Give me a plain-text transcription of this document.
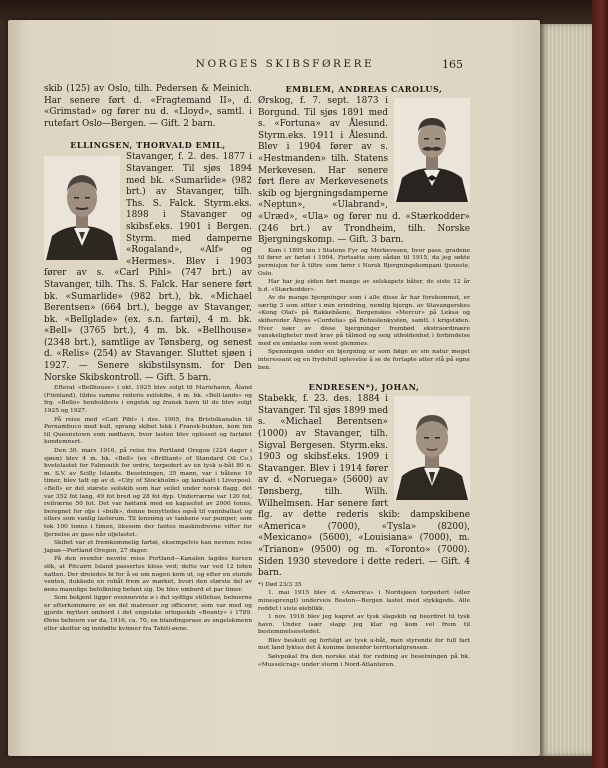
NORGES SKIBSFØRERE	165

skib (125) av Oslo, tilh. Pedersen & Meinich. Har senere ført d. «Fragtemand II», d. «Grimstad» og fører nu d. «Lloyd», samtl. i rutefart Oslo—Bergen. — Gift. 2 barn.

ELLINGSEN, THORVALD EMIL,

Stavanger, f. 2. des. 1877 i Stavanger. Til sjøs 1894 med bk. «Sumarlide» (982 brt.) av Stavanger, tilh. Ths. S. Falck. Styrm.eks. 1898 i Stavanger og skibsf.eks. 1901 i Bergen. Styrm. med damperne «Rogaland», «Alf» og «Hermes». Blev i 1903 fører av s. «Carl Pihl» (747 brt.) av Stavanger, tilh. Ths. S. Falck. Har senere ført bk. «Sumarlide» (982 brt.), bk. «Michael Berentsen» (664 brt.), begge av Stavanger, bk. «Bellglade» (ex. s.n. fartøi), 4 m. bk. «Bell» (3765 brt.), 4 m. bk. «Bellhouse» (2348 brt.), samtlige av Tønsberg, og senest d. «Relis» (254) av Stavanger. Sluttet sjøen i 1927. — Senere skibstilsynsm. for Den Norske Skibskontroll. — Gift. 5 barn.

Efterat «Bellhouse» i okt. 1925 blev solgt til Mariehamn, Åland (Finnland), tildes samme rederis seilskibe, 4 m. bk. «Bell-lands» og frg. «Bello» henholdsvis i engelsk og fransk havn til de blev solgt 1925 og 1927.

På reise med «Carl Pihl» i des. 1905, fra Bristolkanalen til Pernambuco med kull, sprang skibet lekk i Fransk-bukten, kom inn til Queenstown som nødhavn, hvor lasten blev oplosset og fartøiet kondemnert.

Den 30. mars 1916, på reise fra Portland Oregon (224 dager i sjøen) blev 4 m. bk. «Bell» (ex «Brilliant» of Standard Oil Co.) hvetelastet for Falmouth for ordre, torpedert av en tysk u-båt 80 n. m. S.V. av Scilly Islands. Besetningen, 35 mann, var i båtene 19 timer, blev tatt op av d. «City of Stockholm» og landsatt i Liverpool. «Bell» er det største seilskib som har seilet under norsk flagg, det var 352 fot lang, 49 fot bred og 28 fot dyp. Underrærne var 120 fot, reilrærne 50 fot. Det var høitank med en kapasitet av 2000 tonns, beregnet for olje i «bulk», denne benyttedes også til vannballast og ellers som vanlig lasterum. Til lensning av tankene var pumper, som tok 100 tonns i timen, likesom der fantes maskindrevne vifter for fjernelse av gass når oljelastet.

Skibet var et fremkommelig fartøi, eksempelvis kan nevnes reise Japan—Portland Oregon, 27 dager.

På den ovenfor nevnte reise Portland—Kanalen lagdes kursen slik, at Pitcairn Island passertes kloss ved; dette var ved 12 tiden natten. Der dreiedes bi for å se om nogen kom ut, og efter en stunds venten, dukkede en robåt frem av mørket, hvori den største del av øens mannlige befolkning befant sig. De blev ombord et par timer.

Som bekjent ligger ovennevnte ø i det sydlige stillehav, beboerne er efterkommere av en del matroser og officerer, som var med og gjorde mytteri ombord i det engelske orlogsskib «Bounty» i 1789. Øens beboere var da, 1916, ca. 70, en blandingsrase av engelskmenn eller skotter og innfødte kvinner fra Tahiti-øene.

EMBLEM, ANDREAS CAROLUS,

Ørskog, f. 7. sept. 1873 i Borgund. Til sjøs 1891 med s. «Fortuna» av Ålesund. Styrm.eks. 1911 i Ålesund. Blev i 1904 fører av s. «Hestmanden» tilh. Statens Merkevesen. Har senere ført flere av Merkevesenets skib og bjergningsdamperne «Neptun», «Ulabrand», «Uræd», «Ula» og fører nu d. «Stærkodder» (246 brt.) av Trondheim, tilh. Norske Bjergningskomp. — Gift. 3 barn.

Kom i 1895 inn i Statens Fyr og Merkevesen, hvor pass. gradene til fører av fartøi i 1904. Fortsatte som sådan til 1915, da jeg søkte permisjon for å tiltre som fører i Norsk Bjergningskompani tjeneste, Oslo.

Har har jeg siden ført mange av selskapets båter, de siste 12 år b.d. «Stærkodder».

Av de mange bjergninger som i alle disse år har forekommet, er særlig 3 som sitter i min erindring, nemlig bjergn. av Stavangerskes «Kong Olaf» på Rakkebåene, Bergenskes «Mercur» på Leksa og skibsreder Åbyes «Cordelia» på Bohuslenkysten, samtl. i krigstiden. Hver især av disse bjergninger frembød ekstraordinære vanskeligheter med krav på tålmod og seig utholdenhet i forbindelse med en omtanke som went glemmes.

Spenningen under en bjergning er som følge av sin natur meget interessant og en frydefull oplevelse å se de fortapte atter stå på egne ben.

ENDRESEN*), JOHAN,

Stabekk, f. 23. des. 1884 i Stavanger. Til sjøs 1899 med s. «Michael Berentsen» (1000) av Stavanger, tilh. Sigval Bergesen. Styrm.eks. 1903 og skibsf.eks. 1909 i Stavanger. Blev i 1914 fører av d. «Noruega» (5600) av Tønsberg, tilh. Wilh. Wilhelmsen. Har senere ført flg. av dette rederis skib: dampskibene «America» (7000), «Tysla» (8200), «Mexicano» (5600), «Louisiana» (7000), m. «Trianon» (9500) og m. «Toronto» (7000). Siden 1930 stevedore i dette rederi. — Gift. 4 barn.

*) Død 23/3 35

1. mai 1915 blev d. «America» i Nordsjøen torpedert (eller minesprengt) underveis Boston—Bergen lastet med stykkgods. Alle reddet i siste øieblikk.

1 nov. 1916 blev jeg kapret av tysk slagskib og beordret til tysk havn. Under især slapp jeg klar og kom vel frem til bestemmelsesstedet.

Blev beskutt og forfulgt av tysk u-båt, men styrende for full fart mot land lyktes det å komme innenfor territorialgrensen.

Sølvpokal fra den norske stat for redning av besetningen på bk. «Musselcrag» under storm i Nord-Atlanteren.
